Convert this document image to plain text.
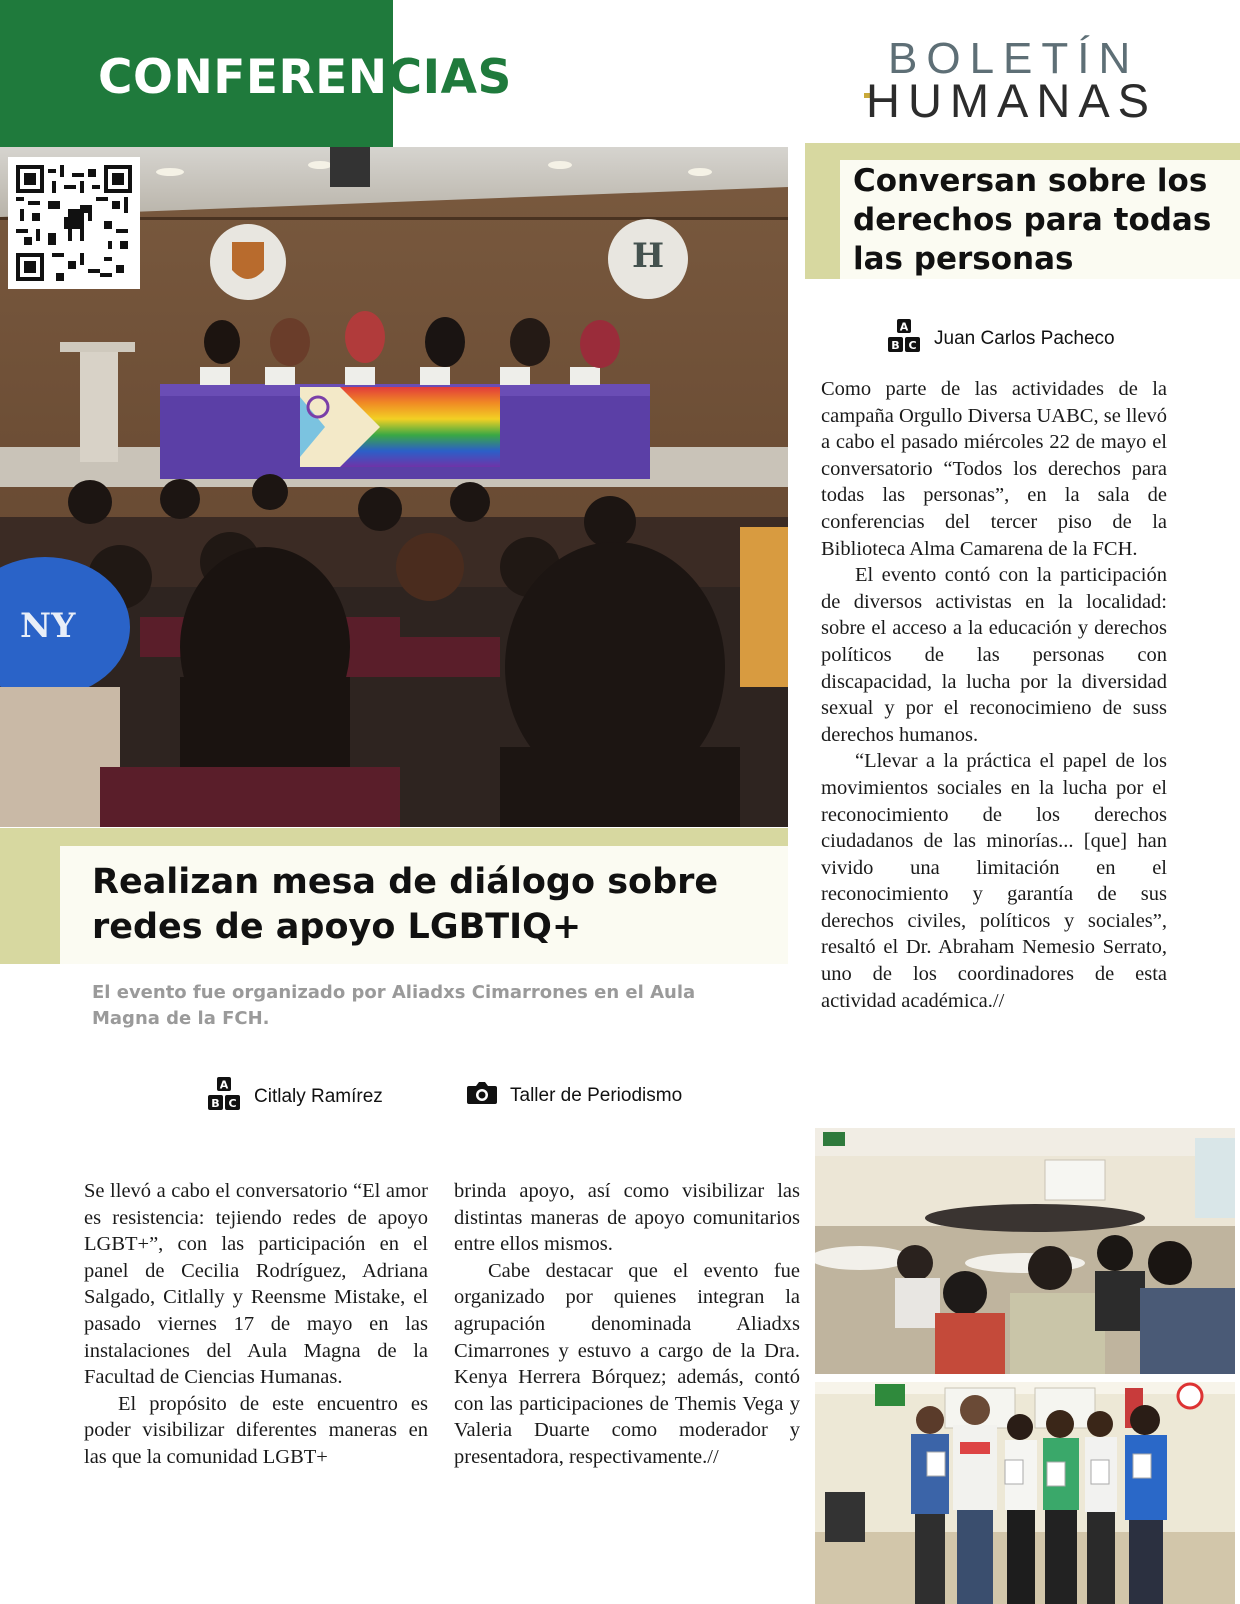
CONFERENCIAS	BOLETÍN
HUMANAS
H
NY
Realizan mesa de diálogo sobre redes de apoyo LGBTIQ+
El evento fue organizado por Aliadxs Cimarrones en el Aula Magna de la FCH.
A
B C Citlaly Ramírez	Taller de Periodismo

Se llevó a cabo el conversatorio “El amor es resistencia: tejiendo redes de apoyo LGBT+”, con las participación en el panel de Cecilia Rodríguez, Adriana Salgado, Citlally y Reensme Mistake, el pasado viernes 17 de mayo en las instalaciones del Aula Magna de la Facultad de Ciencias Humanas.

El propósito de este encuentro es poder visibilizar diferentes maneras en las que la comunidad LGBT+

brinda apoyo, así como visibilizar las distintas maneras de apoyo comunitarios entre ellos mismos.

Cabe destacar que el evento fue organizado por quienes integran la agrupación denominada Aliadxs Cimarrones y estuvo a cargo de la Dra. Kenya Herrera Bórquez; además, contó con las participaciones de Themis Vega y Valeria Duarte como moderador y presentadora, respectivamente.//

Conversan sobre los derechos para todas las personas
A
B C Juan Carlos Pacheco

Como parte de las actividades de la campaña Orgullo Diversa UABC, se llevó a cabo el pasado miércoles 22 de mayo el conversatorio “Todos los derechos para todas las personas”, en la sala de conferencias del tercer piso de la Biblioteca Alma Camarena de la FCH.

El evento contó con la participación de diversos activistas en la localidad: sobre el acceso a la educación y derechos políticos de las personas con discapacidad, la lucha por la diversidad sexual y por el reconocimieno de suss derechos humanos.

“Llevar a la práctica el papel de los movimientos sociales en la lucha por el reconocimiento de los derechos ciudadanos de las minorías... [que] han vivido una limitación en el reconocimiento y garantía de sus derechos civiles, políticos y sociales”, resaltó el Dr. Abraham Nemesio Serrato, uno de los coordinadores de esta actividad académica.//
